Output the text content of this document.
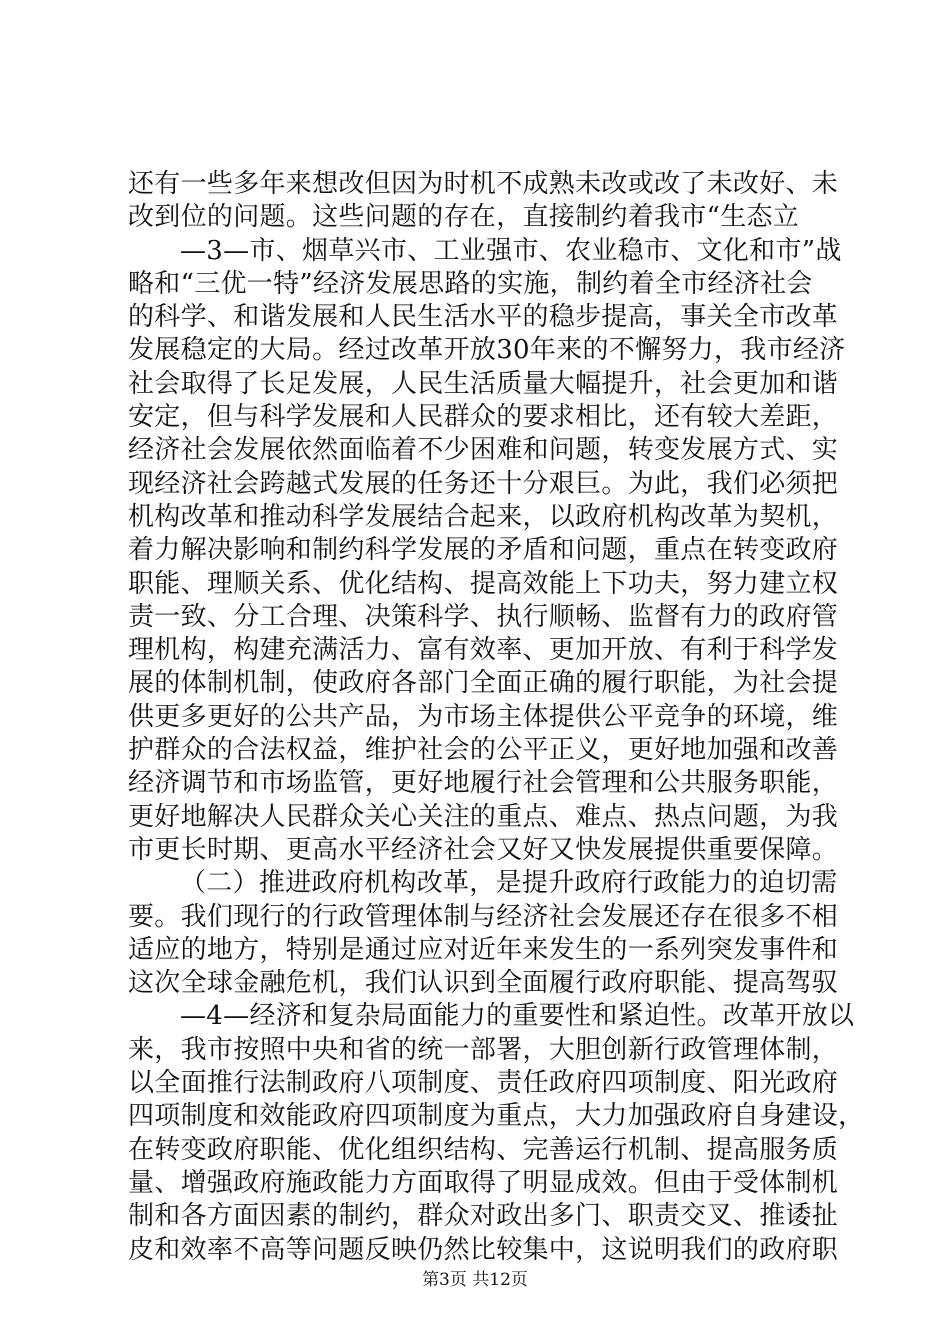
还有一些多年来想改但因为时机不成熟未改或改了未改好、未
改到位的问题。这些问题的存在，直接制约着我市“生态立
—3—市、烟草兴市、工业强市、农业稳市、文化和市”战
略和“三优一特”经济发展思路的实施，制约着全市经济社会
的科学、和谐发展和人民生活水平的稳步提高，事关全市改革
发展稳定的大局。经过改革开放30年来的不懈努力，我市经济
社会取得了长足发展，人民生活质量大幅提升，社会更加和谐
安定，但与科学发展和人民群众的要求相比，还有较大差距，
经济社会发展依然面临着不少困难和问题，转变发展方式、实
现经济社会跨越式发展的任务还十分艰巨。为此，我们必须把
机构改革和推动科学发展结合起来，以政府机构改革为契机，
着力解决影响和制约科学发展的矛盾和问题，重点在转变政府
职能、理顺关系、优化结构、提高效能上下功夫，努力建立权
责一致、分工合理、决策科学、执行顺畅、监督有力的政府管
理机构，构建充满活力、富有效率、更加开放、有利于科学发
展的体制机制，使政府各部门全面正确的履行职能，为社会提
供更多更好的公共产品，为市场主体提供公平竞争的环境，维
护群众的合法权益，维护社会的公平正义，更好地加强和改善
经济调节和市场监管，更好地履行社会管理和公共服务职能，
更好地解决人民群众关心关注的重点、难点、热点问题，为我
市更长时期、更高水平经济社会又好又快发展提供重要保障。
（二）推进政府机构改革，是提升政府行政能力的迫切需
要。我们现行的行政管理体制与经济社会发展还存在很多不相
适应的地方，特别是通过应对近年来发生的一系列突发事件和
这次全球金融危机，我们认识到全面履行政府职能、提高驾驭
—4—经济和复杂局面能力的重要性和紧迫性。改革开放以
来，我市按照中央和省的统一部署，大胆创新行政管理体制，
以全面推行法制政府八项制度、责任政府四项制度、阳光政府
四项制度和效能政府四项制度为重点，大力加强政府自身建设，
在转变政府职能、优化组织结构、完善运行机制、提高服务质
量、增强政府施政能力方面取得了明显成效。但由于受体制机
制和各方面因素的制约，群众对政出多门、职责交叉、推诿扯
皮和效率不高等问题反映仍然比较集中，这说明我们的政府职
第3页 共12页
